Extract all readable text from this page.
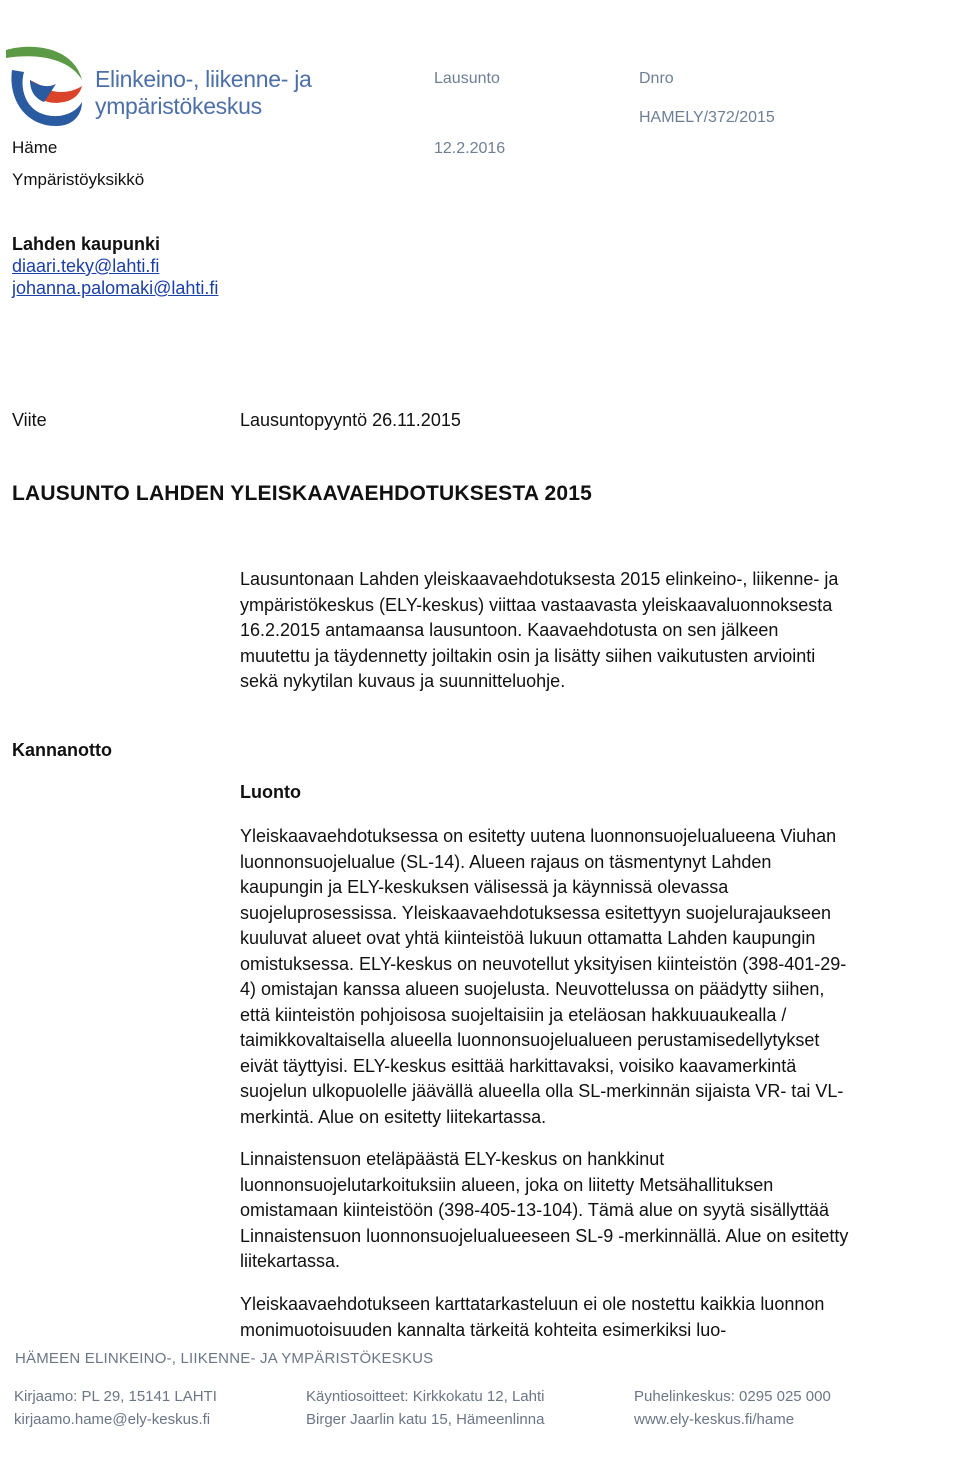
Elinkeino-, liikenne- ja
ympäristökeskus
Lausunto	Dnro
HAMELY/372/2015
12.2.2016
Häme
Ympäristöyksikkö
Lahden kaupunki
diaari.teky@lahti.fi
johanna.palomaki@lahti.fi
Viite	Lausuntopyyntö 26.11.2015
LAUSUNTO LAHDEN YLEISKAAVAEHDOTUKSESTA 2015
Kannanotto

Lausuntonaan Lahden yleiskaavaehdotuksesta 2015 elinkeino-, liikenne- ja ympäristökeskus (ELY-keskus) viittaa vastaavasta yleiskaavaluonnoksesta 16.2.2015 antamaansa lausuntoon. Kaavaehdotusta on sen jälkeen muutettu ja täydennetty joiltakin osin ja lisätty siihen vaikutusten arviointi sekä nykytilan kuvaus ja suunnitteluohje.

Luonto

Yleiskaavaehdotuksessa on esitetty uutena luonnonsuojelualueena Viuhan luonnonsuojelualue (SL-14). Alueen rajaus on täsmentynyt Lahden kaupungin ja ELY-keskuksen välisessä ja käynnissä olevassa suojeluprosessissa. Yleiskaavaehdotuksessa esitettyyn suojelurajaukseen kuuluvat alueet ovat yhtä kiinteistöä lukuun ottamatta Lahden kaupungin omistuksessa. ELY-keskus on neuvotellut yksityisen kiinteistön (398-401-29-4) omistajan kanssa alueen suojelusta. Neuvottelussa on päädytty siihen, että kiinteistön pohjoisosa suojeltaisiin ja eteläosan hakkuuaukealla / taimikkovaltaisella alueella luonnonsuojelualueen perustamisedellytykset eivät täyttyisi. ELY-keskus esittää harkittavaksi, voisiko kaavamerkintä suojelun ulkopuolelle jäävällä alueella olla SL-merkinnän sijaista VR- tai VL-merkintä. Alue on esitetty liitekartassa.

Linnaistensuon eteläpäästä ELY-keskus on hankkinut luonnonsuojelutarkoituksiin alueen, joka on liitetty Metsähallituksen omistamaan kiinteistöön (398-405-13-104). Tämä alue on syytä sisällyttää Linnaistensuon luonnonsuojelualueeseen SL-9 -merkinnällä. Alue on esitetty liitekartassa.

Yleiskaavaehdotukseen karttatarkasteluun ei ole nostettu kaikkia luonnon monimuotoisuuden kannalta tärkeitä kohteita esimerkiksi luo-

HÄMEEN ELINKEINO-, LIIKENNE- JA YMPÄRISTÖKESKUS
Kirjaamo: PL 29, 15141 LAHTI
kirjaamo.hame@ely-keskus.fi
Käyntiosoitteet: Kirkkokatu 12, Lahti
Birger Jaarlin katu 15, Hämeenlinna
Puhelinkeskus: 0295 025 000
www.ely-keskus.fi/hame
